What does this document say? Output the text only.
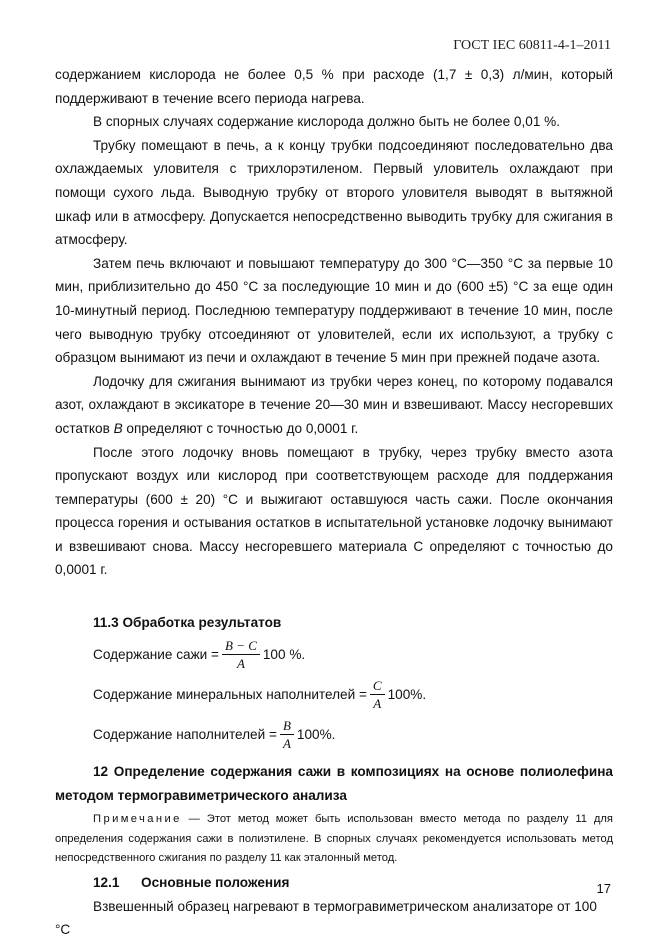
ГОСТ IEC 60811-4-1–2011

содержанием кислорода не более 0,5 % при расходе (1,7 ± 0,3) л/мин, который поддерживают в течение всего периода нагрева.

В спорных случаях содержание кислорода должно быть не более 0,01 %.

Трубку помещают в печь, а к концу трубки подсоединяют последовательно два охлаждаемых уловителя с трихлорэтиленом. Первый уловитель охлаждают при помощи сухого льда. Выводную трубку от второго уловителя выводят в вытяжной шкаф или в атмосферу. Допускается непосредственно выводить трубку для сжигания в атмосферу.

Затем печь включают и повышают температуру до 300 °С—350 °С за первые 10 мин, приблизительно до 450 °С за последующие 10 мин и до (600 ±5) °С за еще один 10-минутный период. Последнюю температуру поддерживают в течение 10 мин, после чего выводную трубку отсоединяют от уловителей, если их используют, а трубку с образцом вынимают из печи и охлаждают в течение 5 мин при прежней подаче азота.

Лодочку для сжигания вынимают из трубки через конец, по которому подавался азот, охлаждают в эксикаторе в течение 20—30 мин и взвешивают. Массу несгоревших остатков B определяют с точностью до 0,0001 г.

После этого лодочку вновь помещают в трубку, через трубку вместо азота пропускают воздух или кислород при соответствующем расходе для поддержания температуры (600 ± 20) °С и выжигают оставшуюся часть сажи. После окончания процесса горения и остывания остатков в испытательной установке лодочку вынимают и взвешивают снова. Массу несгоревшего материала С определяют с точностью до 0,0001 г.

11.3 Обработка результатов
Содержание сажи = $\frac{B - C}{A} 100$ %.
Содержание минеральных наполнителей = $\frac{C}{A} 100\%$.
Содержание наполнителей = $\frac{B}{A} 100\%$.
12 Определение содержания сажи в композициях на основе полиолефина методом термогравиметрического анализа

Примечание — Этот метод может быть использован вместо метода по разделу 11 для определения содержания сажи в полиэтилене. В спорных случаях рекомендуется использовать метод непосредственного сжигания по разделу 11 как эталонный метод.

12.1	Основные положения

Взвешенный образец нагревают в термогравиметрическом анализаторе от 100 °С

17
